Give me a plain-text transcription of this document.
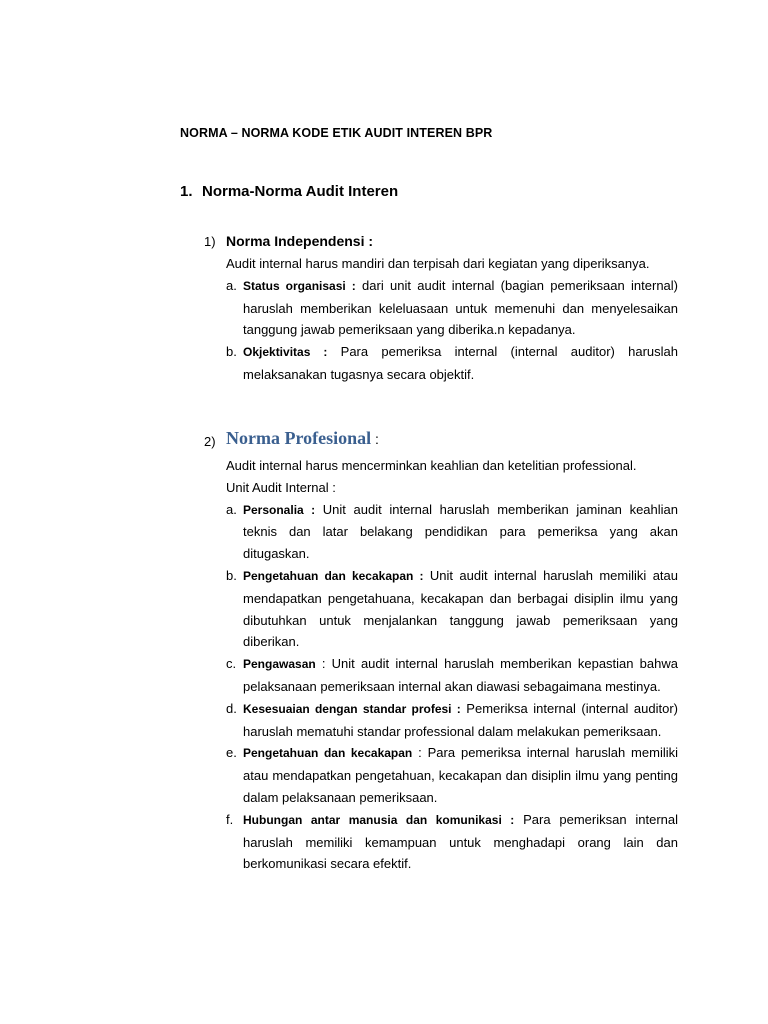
NORMA – NORMA KODE ETIK AUDIT INTEREN BPR
1. Norma-Norma Audit Interen
1) Norma Independensi :
Audit internal harus mandiri dan terpisah dari kegiatan yang diperiksanya.
a. Status organisasi : dari unit audit internal (bagian pemeriksaan internal) haruslah memberikan keleluasaan untuk memenuhi dan menyelesaikan tanggung jawab pemeriksaan yang diberika.n kepadanya.
b. Okjektivitas : Para pemeriksa internal (internal auditor) haruslah melaksanakan tugasnya secara objektif.
2) Norma Profesional :
Audit internal harus mencerminkan keahlian dan ketelitian professional.
Unit Audit Internal :
a. Personalia : Unit audit internal haruslah memberikan jaminan keahlian teknis dan latar belakang pendidikan para pemeriksa yang akan ditugaskan.
b. Pengetahuan dan kecakapan : Unit audit internal haruslah memiliki atau mendapatkan pengetahuana, kecakapan dan berbagai disiplin ilmu yang dibutuhkan untuk menjalankan tanggung jawab pemeriksaan yang diberikan.
c. Pengawasan : Unit audit internal haruslah memberikan kepastian bahwa pelaksanaan pemeriksaan internal akan diawasi sebagaimana mestinya.
d. Kesesuaian dengan standar profesi : Pemeriksa internal (internal auditor) haruslah mematuhi standar professional dalam melakukan pemeriksaan.
e. Pengetahuan dan kecakapan : Para pemeriksa internal haruslah memiliki atau mendapatkan pengetahuan, kecakapan dan disiplin ilmu yang penting dalam pelaksanaan pemeriksaan.
f. Hubungan antar manusia dan komunikasi : Para pemeriksan internal haruslah memiliki kemampuan untuk menghadapi orang lain dan berkomunikasi secara efektif.
